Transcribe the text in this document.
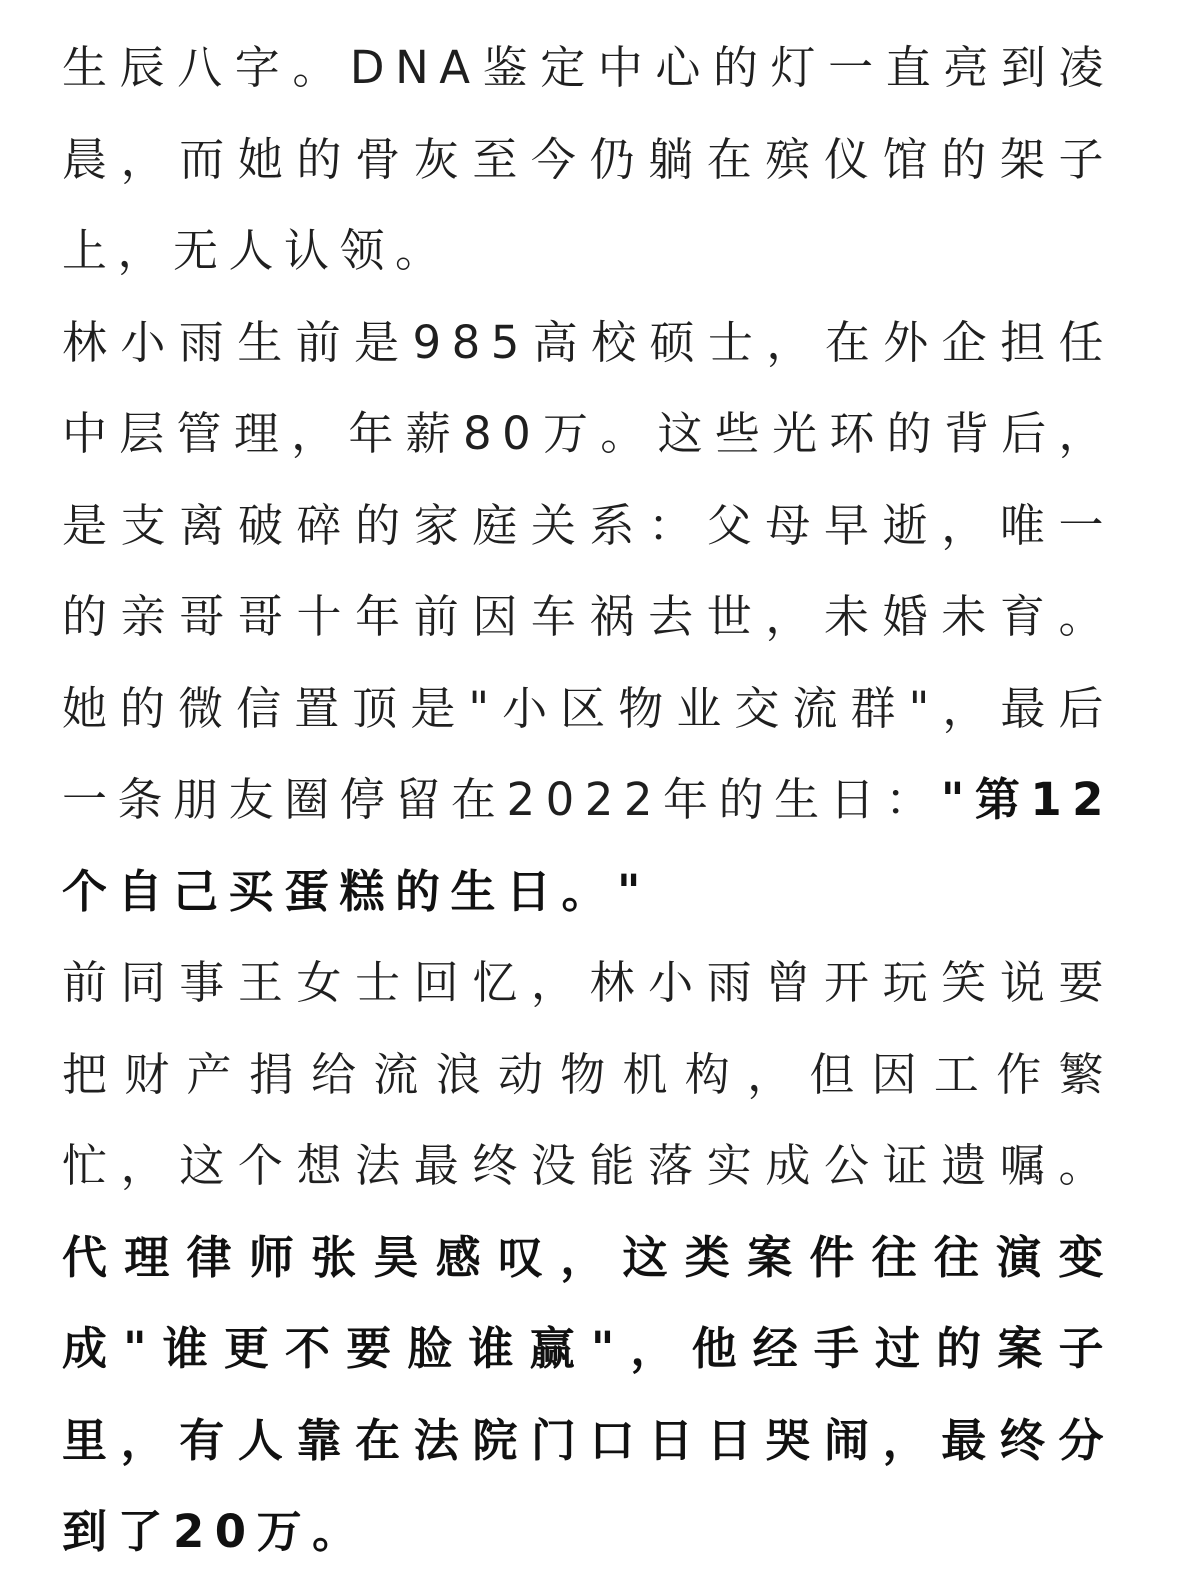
生辰八字。DNA鉴定中心的灯一直亮到凌晨，而她的骨灰至今仍躺在殡仪馆的架子上，无人认领。

林小雨生前是985高校硕士，在外企担任中层管理，年薪80万。这些光环的背后，是支离破碎的家庭关系：父母早逝，唯一的亲哥哥十年前因车祸去世，未婚未育。她的微信置顶是"小区物业交流群"，最后一条朋友圈停留在2022年的生日："第12个自己买蛋糕的生日。"

前同事王女士回忆，林小雨曾开玩笑说要把财产捐给流浪动物机构，但因工作繁忙，这个想法最终没能落实成公证遗嘱。代理律师张昊感叹，这类案件往往演变成"谁更不要脸谁赢"，他经手过的案子里，有人靠在法院门口日日哭闹，最终分到了20万。
